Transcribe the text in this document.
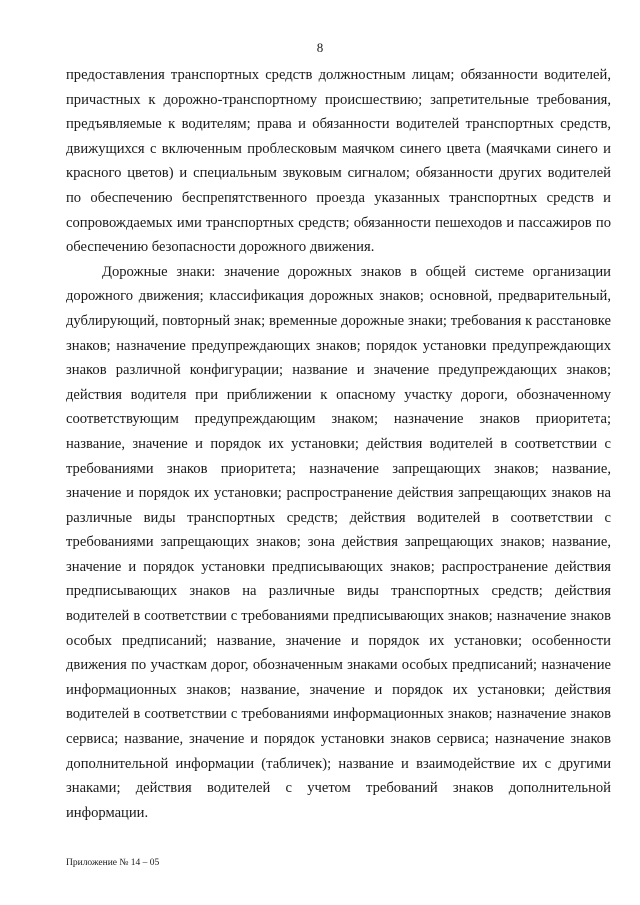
8

предоставления транспортных средств должностным лицам; обязанности водителей, причастных к дорожно-транспортному происшествию; запретительные требования, предъявляемые к водителям; права и обязанности водителей транспортных средств, движущихся с включенным проблесковым маячком синего цвета (маячками синего и красного цветов) и специальным звуковым сигналом; обязанности других водителей по обеспечению беспрепятственного проезда указанных транспортных средств и сопровождаемых ими транспортных средств; обязанности пешеходов и пассажиров по обеспечению безопасности дорожного движения.

Дорожные знаки: значение дорожных знаков в общей системе организации дорожного движения; классификация дорожных знаков; основной, предварительный, дублирующий, повторный знак; временные дорожные знаки; требования к расстановке знаков; назначение предупреждающих знаков; порядок установки предупреждающих знаков различной конфигурации; название и значение предупреждающих знаков; действия водителя при приближении к опасному участку дороги, обозначенному соответствующим предупреждающим знаком; назначение знаков приоритета; название, значение и порядок их установки; действия водителей в соответствии с требованиями знаков приоритета; назначение запрещающих знаков; название, значение и порядок их установки; распространение действия запрещающих знаков на различные виды транспортных средств; действия водителей в соответствии с требованиями запрещающих знаков; зона действия запрещающих знаков; название, значение и порядок установки предписывающих знаков; распространение действия предписывающих знаков на различные виды транспортных средств; действия водителей в соответствии с требованиями предписывающих знаков; назначение знаков особых предписаний; название, значение и порядок их установки; особенности движения по участкам дорог, обозначенным знаками особых предписаний; назначение информационных знаков; название, значение и порядок их установки; действия водителей в соответствии с требованиями информационных знаков; назначение знаков сервиса; название, значение и порядок установки знаков сервиса; назначение знаков дополнительной информации (табличек); название и взаимодействие их с другими знаками; действия водителей с учетом требований знаков дополнительной информации.

Приложение № 14 – 05
